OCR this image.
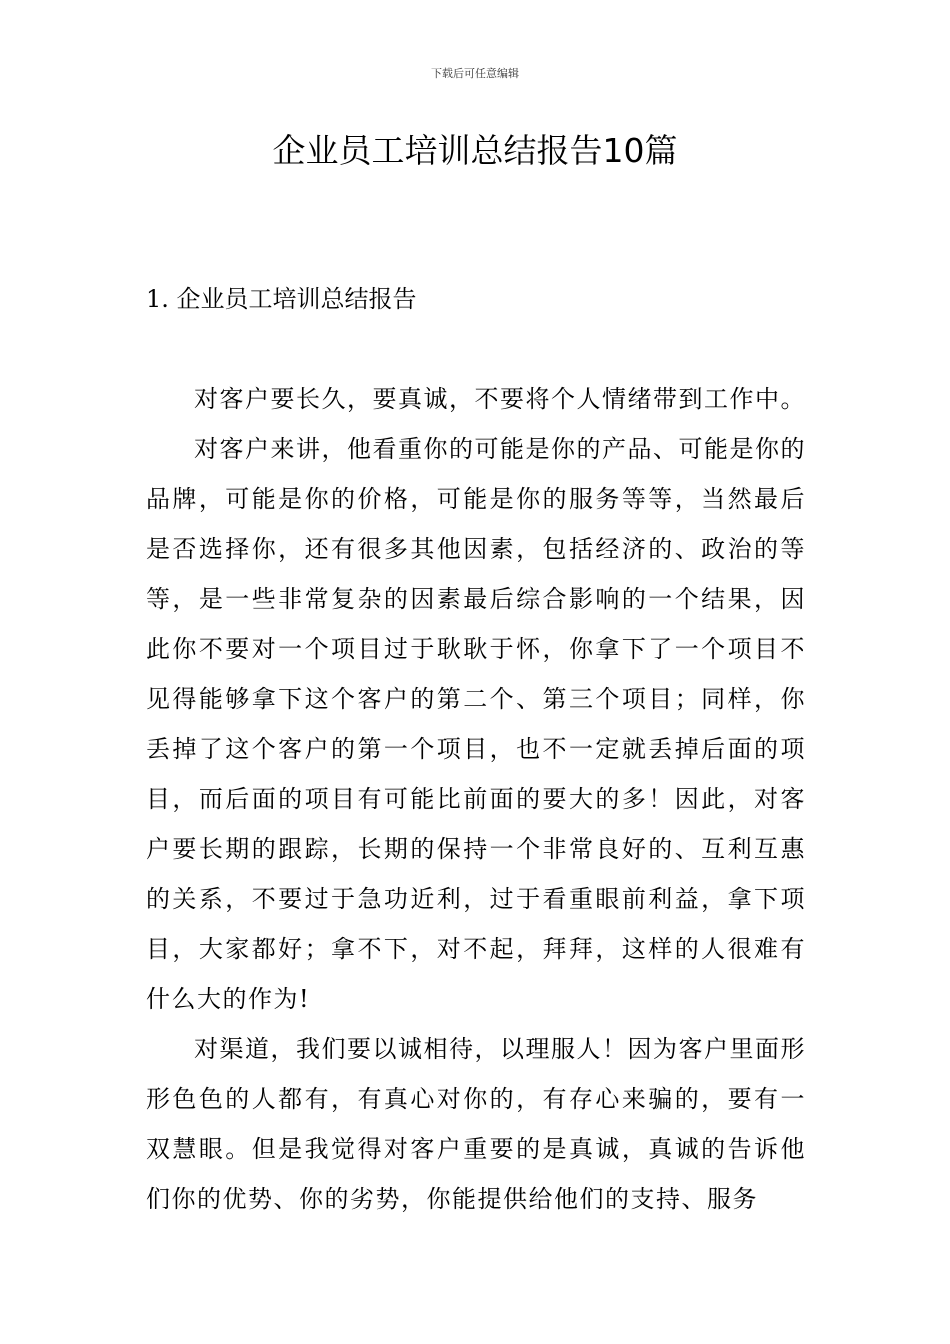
下载后可任意编辑
企业员工培训总结报告10篇
1. 企业员工培训总结报告

对客户要长久，要真诚，不要将个人情绪带到工作中。

对客户来讲，他看重你的可能是你的产品、可能是你的品牌，可能是你的价格，可能是你的服务等等，当然最后是否选择你，还有很多其他因素，包括经济的、政治的等等，是一些非常复杂的因素最后综合影响的一个结果，因此你不要对一个项目过于耿耿于怀，你拿下了一个项目不见得能够拿下这个客户的第二个、第三个项目；同样，你丢掉了这个客户的第一个项目，也不一定就丢掉后面的项目，而后面的项目有可能比前面的要大的多！因此，对客户要长期的跟踪，长期的保持一个非常良好的、互利互惠的关系，不要过于急功近利，过于看重眼前利益，拿下项目，大家都好；拿不下，对不起，拜拜，这样的人很难有什么大的作为!

对渠道，我们要以诚相待，以理服人！因为客户里面形形色色的人都有，有真心对你的，有存心来骗的，要有一双慧眼。但是我觉得对客户重要的是真诚，真诚的告诉他们你的优势、你的劣势，你能提供给他们的支持、服务
